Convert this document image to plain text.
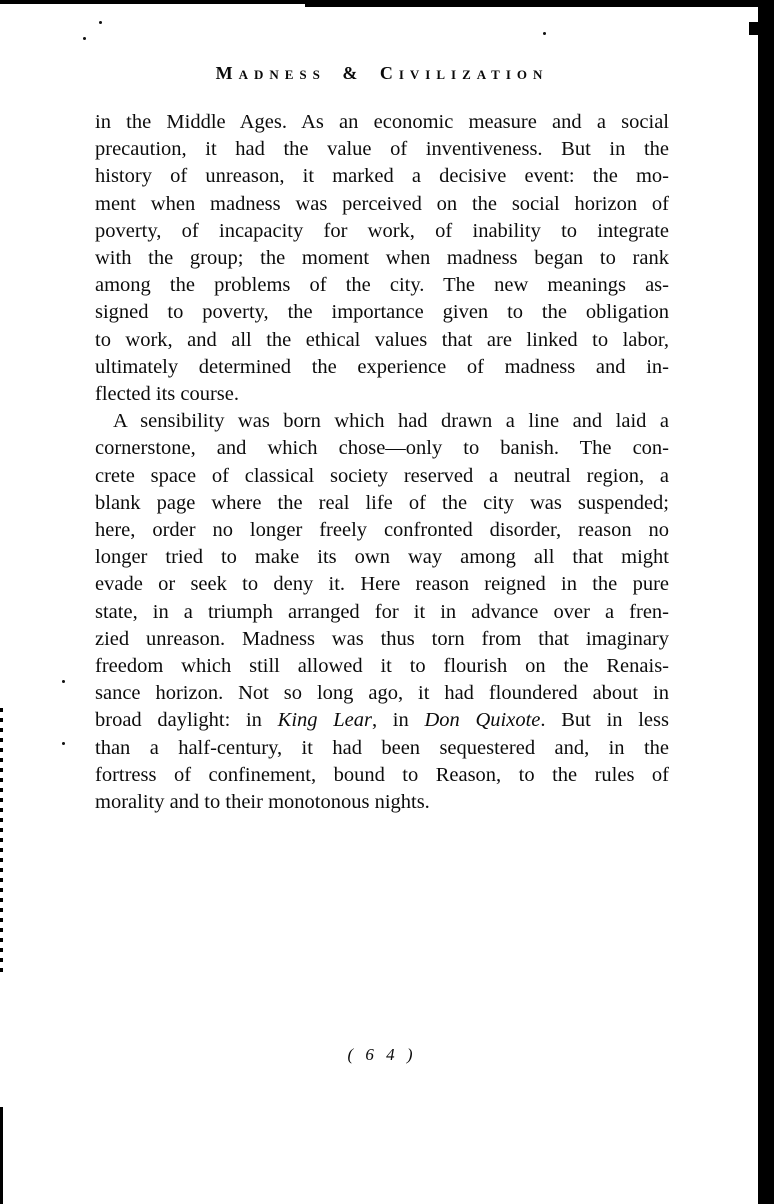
Madness & Civilization
in the Middle Ages. As an economic measure and a social
precaution, it had the value of inventiveness. But in the
history of unreason, it marked a decisive event: the mo-
ment when madness was perceived on the social horizon of
poverty, of incapacity for work, of inability to integrate
with the group; the moment when madness began to rank
among the problems of the city. The new meanings as-
signed to poverty, the importance given to the obligation
to work, and all the ethical values that are linked to labor,
ultimately determined the experience of madness and in-
flected its course.
A sensibility was born which had drawn a line and laid a
cornerstone, and which chose—only to banish. The con-
crete space of classical society reserved a neutral region, a
blank page where the real life of the city was suspended;
here, order no longer freely confronted disorder, reason no
longer tried to make its own way among all that might
evade or seek to deny it. Here reason reigned in the pure
state, in a triumph arranged for it in advance over a fren-
zied unreason. Madness was thus torn from that imaginary
freedom which still allowed it to flourish on the Renais-
sance horizon. Not so long ago, it had floundered about in
broad daylight: in King Lear, in Don Quixote. But in less
than a half-century, it had been sequestered and, in the
fortress of confinement, bound to Reason, to the rules of
morality and to their monotonous nights.
( 6 4 )
